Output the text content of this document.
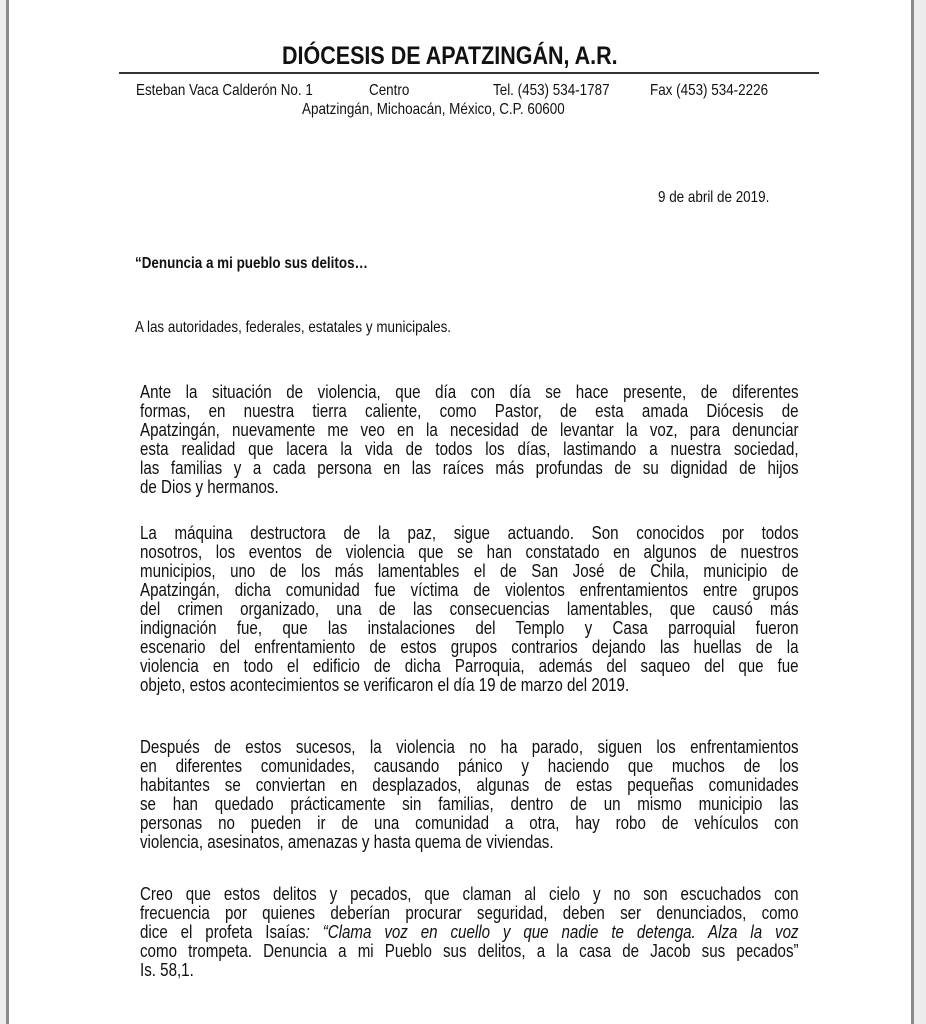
DIÓCESIS DE APATZINGÁN, A.R.
Esteban Vaca Calderón No. 1	Centro	Tel. (453) 534-1787	Fax (453) 534-2226
Apatzingán, Michoacán, México, C.P. 60600
9 de abril de 2019.
“Denuncia a mi pueblo sus delitos…
A las autoridades, federales, estatales y municipales.
Ante la situación de violencia, que día con día se hace presente, de diferentes
formas, en nuestra tierra caliente, como Pastor, de esta amada Diócesis de
Apatzingán, nuevamente me veo en la necesidad de levantar la voz, para denunciar
esta realidad que lacera la vida de todos los días, lastimando a nuestra sociedad,
las familias y a cada persona en las raíces más profundas de su dignidad de hijos
de Dios y hermanos.
La máquina destructora de la paz, sigue actuando. Son conocidos por todos
nosotros, los eventos de violencia que se han constatado en algunos de nuestros
municipios, uno de los más lamentables el de San José de Chila, municipio de
Apatzingán, dicha comunidad fue víctima de violentos enfrentamientos entre grupos
del crimen organizado, una de las consecuencias lamentables, que causó más
indignación fue, que las instalaciones del Templo y Casa parroquial fueron
escenario del enfrentamiento de estos grupos contrarios dejando las huellas de la
violencia en todo el edificio de dicha Parroquia, además del saqueo del que fue
objeto, estos acontecimientos se verificaron el día 19 de marzo del 2019.
Después de estos sucesos, la violencia no ha parado, siguen los enfrentamientos
en diferentes comunidades, causando pánico y haciendo que muchos de los
habitantes se conviertan en desplazados, algunas de estas pequeñas comunidades
se han quedado prácticamente sin familias, dentro de un mismo municipio las
personas no pueden ir de una comunidad a otra, hay robo de vehículos con
violencia, asesinatos, amenazas y hasta quema de viviendas.
Creo que estos delitos y pecados, que claman al cielo y no son escuchados con
frecuencia por quienes deberían procurar seguridad, deben ser denunciados, como
dice el profeta Isaías: “Clama voz en cuello y que nadie te detenga. Alza la voz
como trompeta. Denuncia a mi Pueblo sus delitos, a la casa de Jacob sus pecados”
Is. 58,1.
